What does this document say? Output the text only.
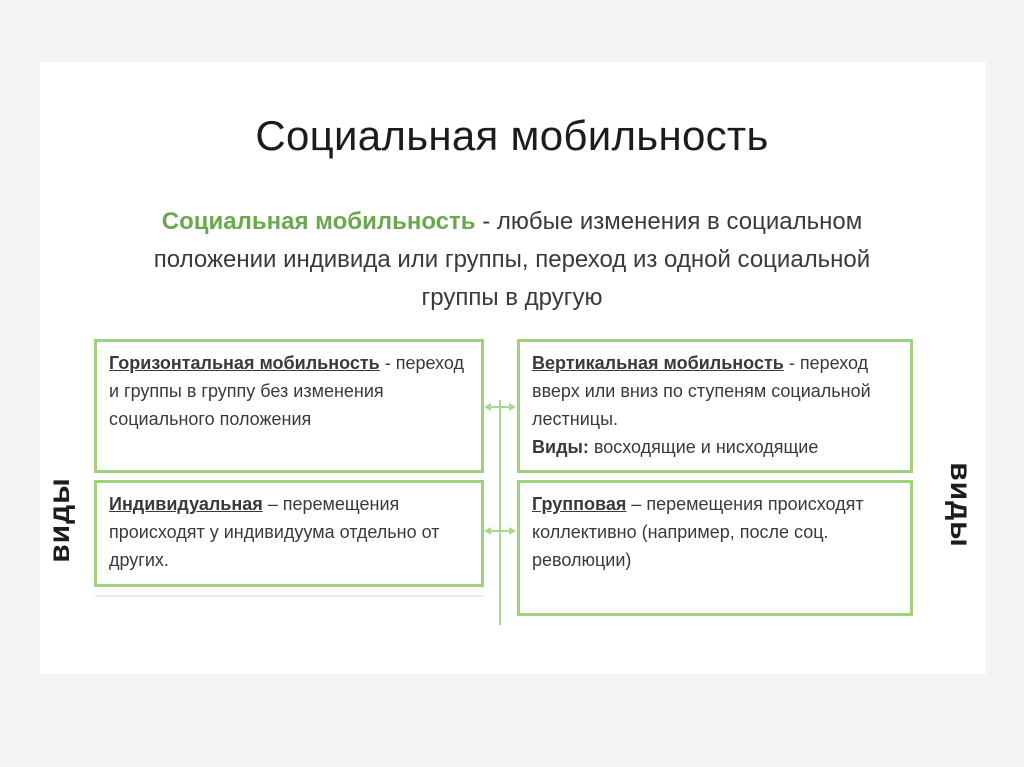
Социальная мобильность
Социальная мобильность - любые изменения в социальном положении индивида или группы, переход из одной социальной группы в другую
Горизонтальная мобильность - переход и группы в группу без изменения социального положения
Вертикальная мобильность - переход вверх или вниз по ступеням социальной лестницы.
Виды: восходящие и нисходящие
Индивидуальная – перемещения происходят у индивидуума отдельно от других.
Групповая – перемещения происходят коллективно (например, после соц. революции)
виды	виды
